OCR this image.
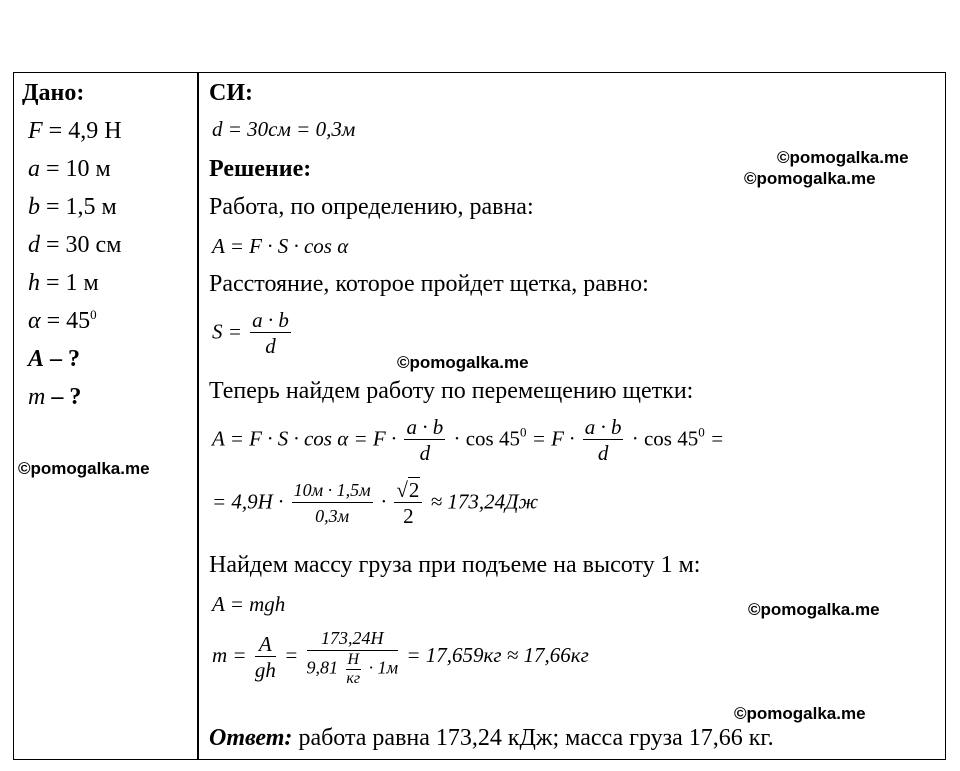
Дано:
F = 4,9 Н
a = 10 м
b = 1,5 м
d = 30 см
h = 1 м
$\alpha = 45^0$
A – ?
m – ?
СИ:
d = 30см = 0,3м
Решение:
Работа, по определению, равна:
A = F · S · cos α
Расстояние, которое пройдет щетка, равно:
$S = \frac{a \cdot b}{d}$
Теперь найдем работу по перемещению щетки:
$A = F \cdot S \cdot \cos \alpha = F \cdot \frac{a \cdot b}{d} \cdot \cos 45^0 = F \cdot \frac{a \cdot b}{d} \cdot \cos 45^0$ =
= $4,9Н \cdot \frac{10м \cdot 1,5м}{0,3м} \cdot \frac{√2}{2} \approx 173,24Дж$
Найдем массу груза при подъеме на высоту 1 м:
A = mgh
$m = \frac{A}{gh} = \frac{173,24Н}{9,81 \frac{Н}{кг} \cdot 1м} = 17,659кг \approx 17,66кг$
Ответ: работа равна 173,24 кДж; масса груза 17,66 кг.
©pomogalka.me
©pomogalka.me
©pomogalka.me
©pomogalka.me
©pomogalka.me
©pomogalka.me
